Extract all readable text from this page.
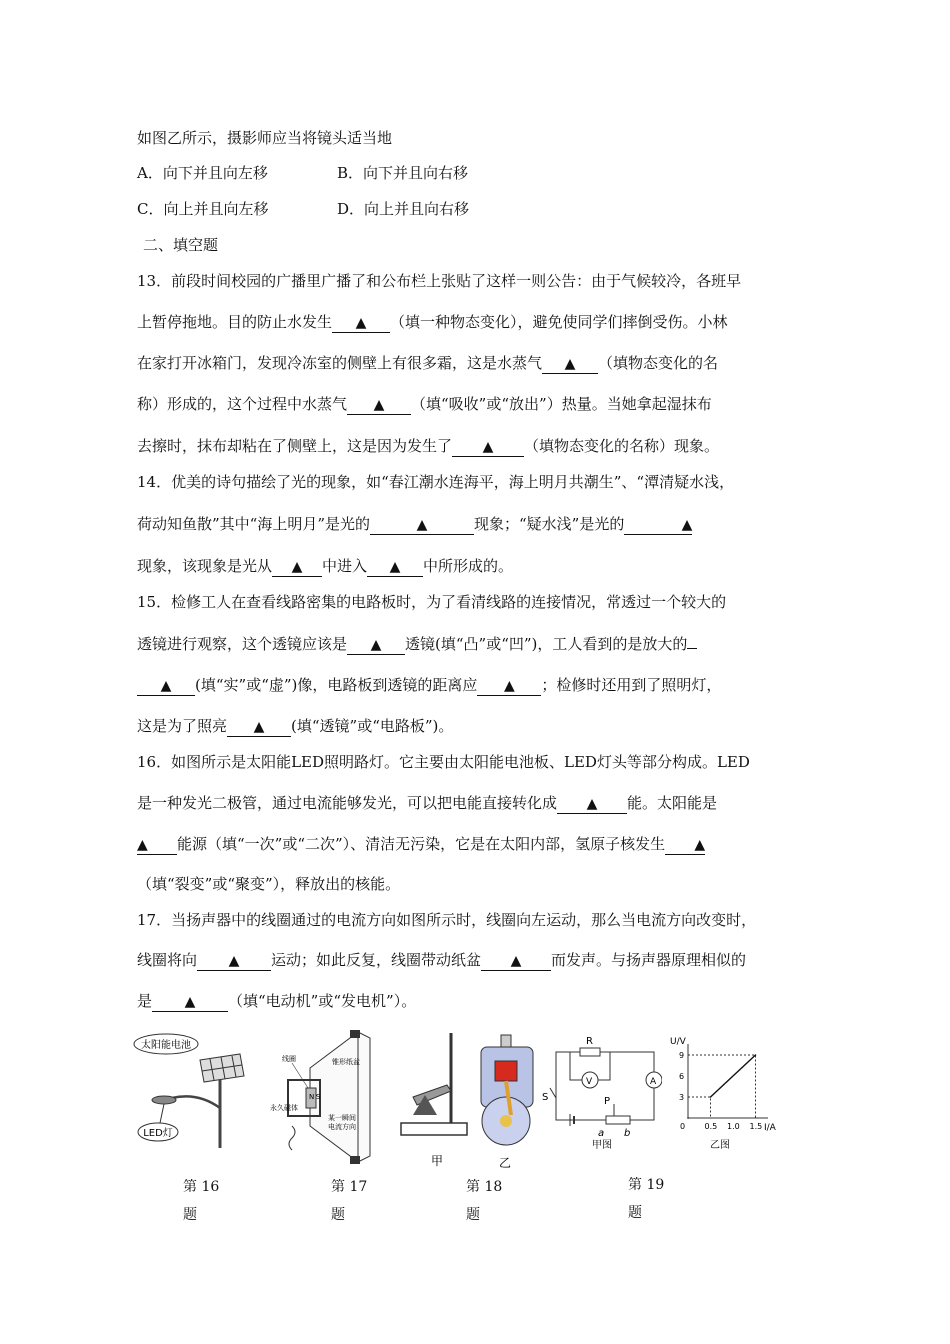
如图乙所示，摄影师应当将镜头适当地
A．向下并且向左移	B．向下并且向右移
C．向上并且向左移	D．向上并且向右移
二、填空题
13．前段时间校园的广播里广播了和公布栏上张贴了这样一则公告：由于气候较冷，各班早
上暂停拖地。目的防止水发生 ▲ （填一种物态变化），避免使同学们摔倒受伤。小林
在家打开冰箱门，发现冷冻室的侧壁上有很多霜，这是水蒸气 ▲ （填物态变化的名
称）形成的，这个过程中水蒸气 ▲ （填“吸收”或“放出”）热量。当她拿起湿抹布
去擦时，抹布却粘在了侧壁上，这是因为发生了 ▲ （填物态变化的名称）现象。
14．优美的诗句描绘了光的现象，如“春江潮水连海平，海上明月共潮生”、“潭清疑水浅，
荷动知鱼散”其中“海上明月”是光的	▲	现象；“疑水浅”是光的	▲
现象，该现象是光从 ▲ 中进入 ▲ 中所形成的。
15．检修工人在查看线路密集的电路板时，为了看清线路的连接情况，常透过一个较大的
透镜进行观察，这个透镜应该是 ▲ 透镜(填“凸”或“凹”)，工人看到的是放大的
▲ (填“实”或“虚”)像，电路板到透镜的距离应 ▲ ；检修时还用到了照明灯，
这是为了照亮 ▲ (填“透镜”或“电路板”)。
16．如图所示是太阳能LED照明路灯。它主要由太阳能电池板、LED灯头等部分构成。LED
是一种发光二极管，通过电流能够发光，可以把电能直接转化成 ▲ 能。太阳能是
▲ 能源（填“一次”或“二次”）、清洁无污染，它是在太阳内部，氢原子核发生 ▲
（填“裂变”或“聚变”），释放出的核能。
17．当扬声器中的线圈通过的电流方向如图所示时，线圈向左运动，那么当电流方向改变时，
线圈将向 ▲ 运动；如此反复，线圈带动纸盆 ▲ 而发声。与扬声器原理相似的
是 ▲ （填“电动机”或“发电机”）。
太阳能电池
LED灯
第 16
题
N S
线圈	锥形纸盆
永久磁体
某一瞬间
电流方向
第 17
题
甲	乙
第 18
题
R
V	A
S	P
a b
甲图
U/V
I/A
乙图
9
6
3
0 0.5 1.0 1.5
第 19
题
